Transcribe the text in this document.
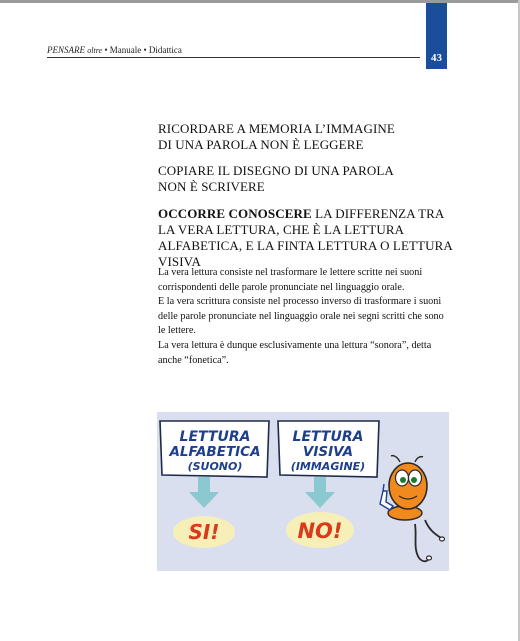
43
PENSARE oltre • Manuale • Didattica
RICORDARE A MEMORIA L’IMMAGINE
DI UNA PAROLA NON È LEGGERE
COPIARE IL DISEGNO DI UNA PAROLA
NON È SCRIVERE
OCCORRE CONOSCERE LA DIFFERENZA TRA LA VERA LETTURA, CHE È LA LETTURA ALFABETICA, E LA FINTA LETTURA O LETTURA VISIVA

La vera lettura consiste nel trasformare le lettere scritte nei suoni corrispondenti delle parole pronunciate nel linguaggio orale.

E la vera scrittura consiste nel processo inverso di trasformare i suoni delle parole pronunciate nel linguaggio orale nei segni scritti che sono le lettere.

La vera lettura è dunque esclusivamente una lettura “sonora”, detta anche “fonetica”.

LETTURA
ALFABETICA
(SUONO)
LETTURA
VISIVA
(IMMAGINE)
SI!	NO!
